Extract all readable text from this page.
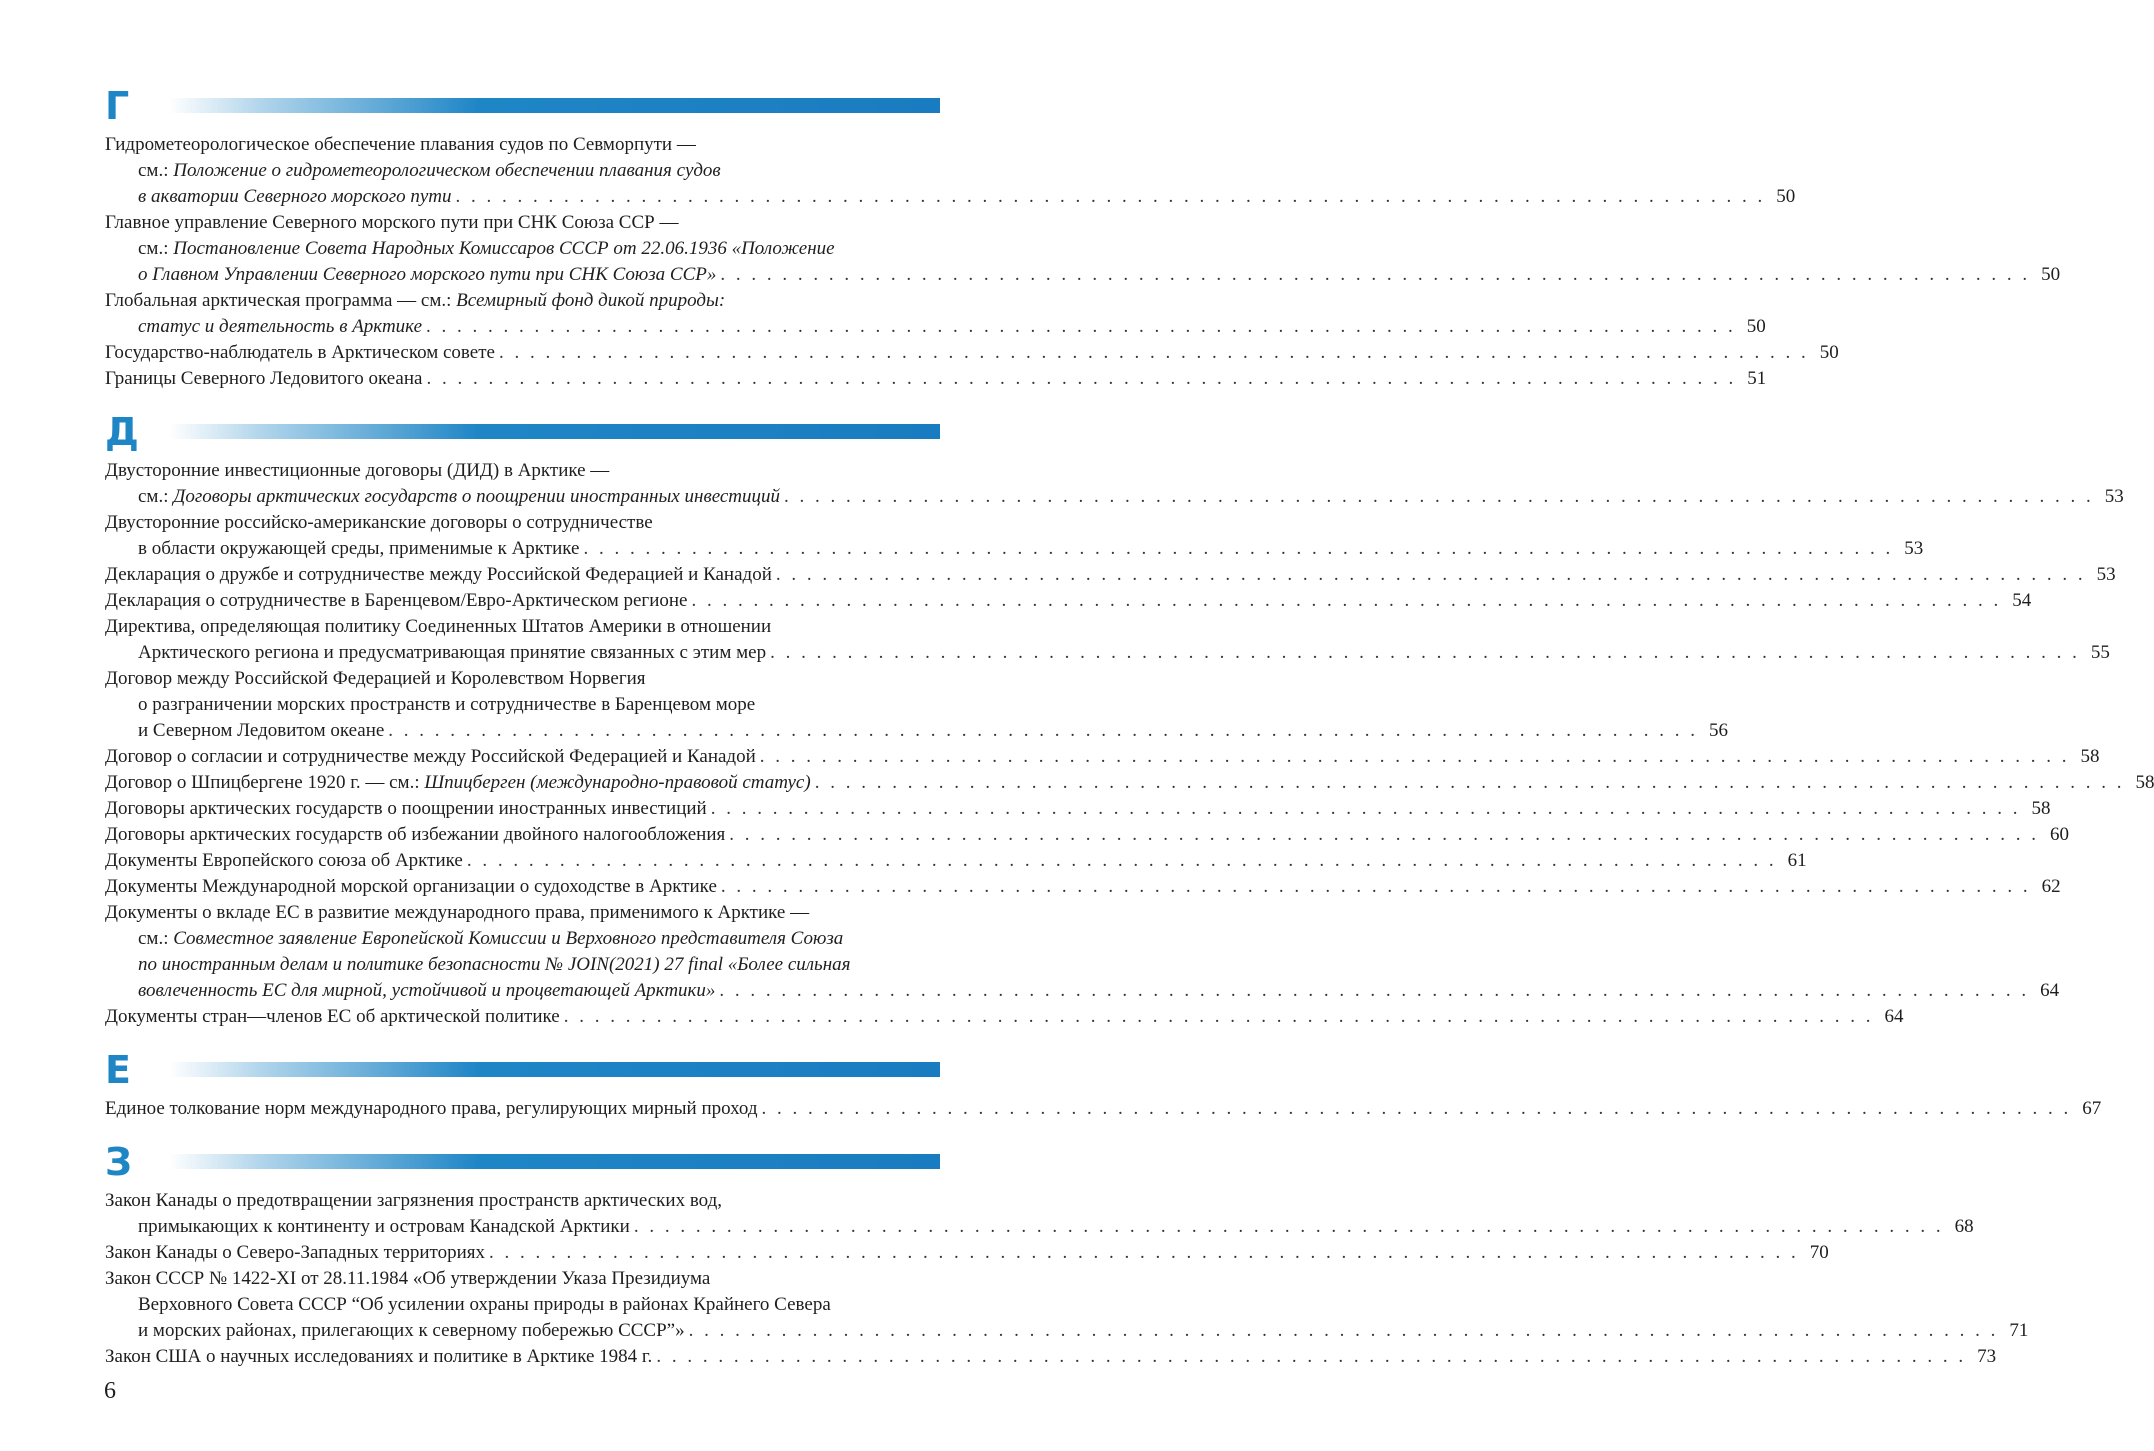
Г
Гидрометеорологическое обеспечение плавания судов по Севморпути —
см.: Положение о гидрометеорологическом обеспечении плавания судов
в акватории Северного морского пути . . .	50
Главное управление Северного морского пути при СНК Союза ССР —
см.: Постановление Совета Народных Комиссаров СССР от 22.06.1936 «Положение
о Главном Управлении Северного морского пути при СНК Союза ССР» . . .	50
Глобальная арктическая программа — см.: Всемирный фонд дикой природы:
статус и деятельность в Арктике . . .	50
Государство-наблюдатель в Арктическом совете . . .	50
Границы Северного Ледовитого океана . . .	51
Д
Двусторонние инвестиционные договоры (ДИД) в Арктике —
см.: Договоры арктических государств о поощрении иностранных инвестиций . . .	53
Двусторонние российско-американские договоры о сотрудничестве
в области окружающей среды, применимые к Арктике . . .	53
Декларация о дружбе и сотрудничестве между Российской Федерацией и Канадой . . .	53
Декларация о сотрудничестве в Баренцевом/Евро-Арктическом регионе . . .	54
Директива, определяющая политику Соединенных Штатов Америки в отношении
Арктического региона и предусматривающая принятие связанных с этим мер . . .	55
Договор между Российской Федерацией и Королевством Норвегия
о разграничении морских пространств и сотрудничестве в Баренцевом море
и Северном Ледовитом океане . . .	56
Договор о согласии и сотрудничестве между Российской Федерацией и Канадой . . .	58
Договор о Шпицбергене 1920 г. — см.: Шпицберген (международно-правовой статус) . . .	58
Договоры арктических государств о поощрении иностранных инвестиций . . .	58
Договоры арктических государств об избежании двойного налогообложения . . .	60
Документы Европейского союза об Арктике . . .	61
Документы Международной морской организации о судоходстве в Арктике . . .	62
Документы о вкладе ЕС в развитие международного права, применимого к Арктике —
см.: Совместное заявление Европейской Комиссии и Верховного представителя Союза
по иностранным делам и политике безопасности № JOIN(2021) 27 final «Более сильная
вовлеченность ЕС для мирной, устойчивой и процветающей Арктики» . . .	64
Документы стран—членов ЕС об арктической политике . . .	64
Е
Единое толкование норм международного права, регулирующих мирный проход . . .	67
З
Закон Канады о предотвращении загрязнения пространств арктических вод,
примыкающих к континенту и островам Канадской Арктики . . .	68
Закон Канады о Северо-Западных территориях . . .	70
Закон СССР № 1422-XI от 28.11.1984 «Об утверждении Указа Президиума
Верховного Совета СССР “Об усилении охраны природы в районах Крайнего Севера
и морских районах, прилегающих к северному побережью СССР”» . . .	71
Закон США о научных исследованиях и политике в Арктике 1984 г. . . .	73
6
